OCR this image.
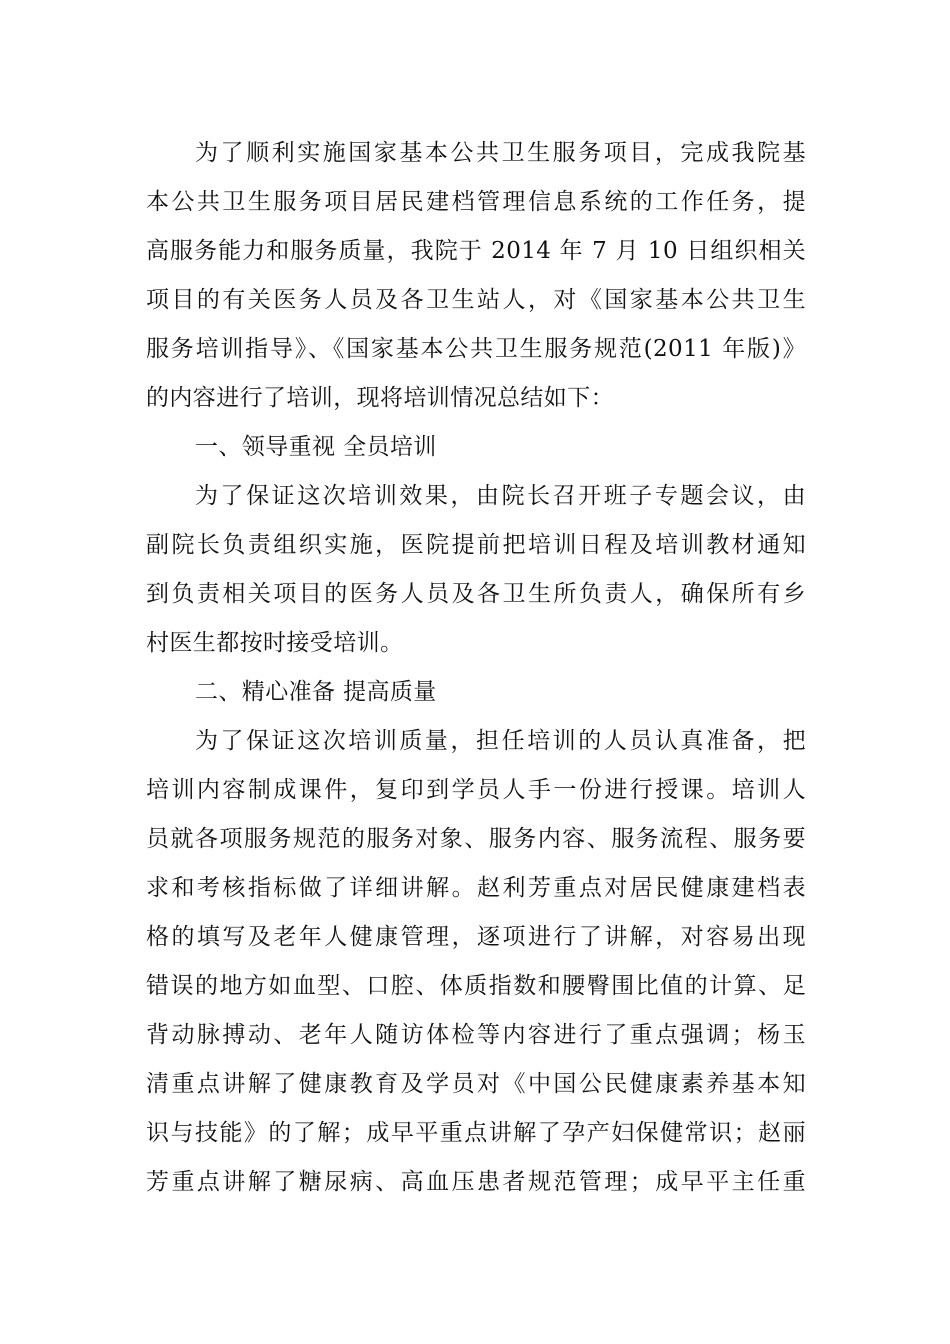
为了顺利实施国家基本公共卫生服务项目，完成我院基
本公共卫生服务项目居民建档管理信息系统的工作任务，提
高服务能力和服务质量，我院于 2014 年 7 月 10 日组织相关
项目的有关医务人员及各卫生站人，对《国家基本公共卫生
服务培训指导》、《国家基本公共卫生服务规范(2011 年版)》
的内容进行了培训，现将培训情况总结如下：
一、领导重视 全员培训
为了保证这次培训效果，由院长召开班子专题会议，由
副院长负责组织实施，医院提前把培训日程及培训教材通知
到负责相关项目的医务人员及各卫生所负责人，确保所有乡
村医生都按时接受培训。
二、精心准备 提高质量
为了保证这次培训质量，担任培训的人员认真准备，把
培训内容制成课件，复印到学员人手一份进行授课。培训人
员就各项服务规范的服务对象、服务内容、服务流程、服务要
求和考核指标做了详细讲解。赵利芳重点对居民健康建档表
格的填写及老年人健康管理，逐项进行了讲解，对容易出现
错误的地方如血型、口腔、体质指数和腰臀围比值的计算、足
背动脉搏动、老年人随访体检等内容进行了重点强调；杨玉
清重点讲解了健康教育及学员对《中国公民健康素养基本知
识与技能》的了解；成早平重点讲解了孕产妇保健常识；赵丽
芳重点讲解了糖尿病、高血压患者规范管理；成早平主任重
